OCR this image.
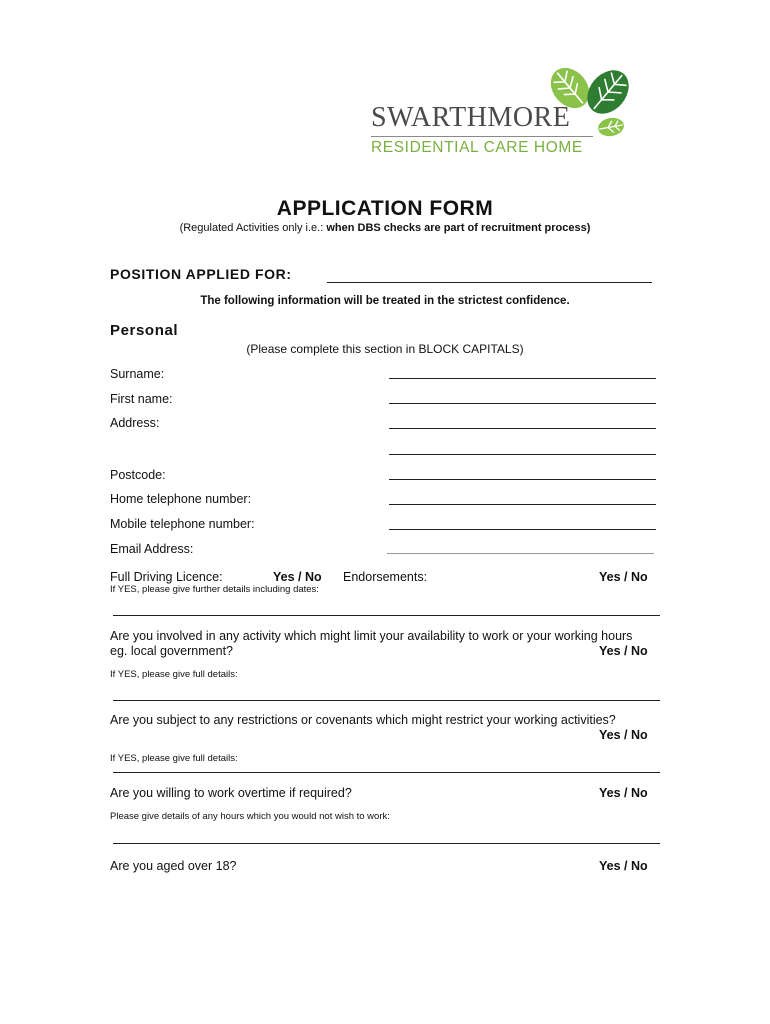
SWARTHMORE
RESIDENTIAL CARE HOME
APPLICATION FORM
(Regulated Activities only i.e.: when DBS checks are part of recruitment process)
POSITION APPLIED FOR:
The following information will be treated in the strictest confidence.
Personal
(Please complete this section in BLOCK CAPITALS)
Surname:
First name:
Address:
Postcode:
Home telephone number:
Mobile telephone number:
Email Address:
Full Driving Licence:	Yes / No Endorsements:	Yes / No
If YES, please give further details including dates:
Are you involved in any activity which might limit your availability to work or your working hours
eg. local government?	Yes / No
If YES, please give full details:
Are you subject to any restrictions or covenants which might restrict your working activities?
Yes / No
If YES, please give full details:
Are you willing to work overtime if required?	Yes / No
Please give details of any hours which you would not wish to work:
Are you aged over 18?	Yes / No
